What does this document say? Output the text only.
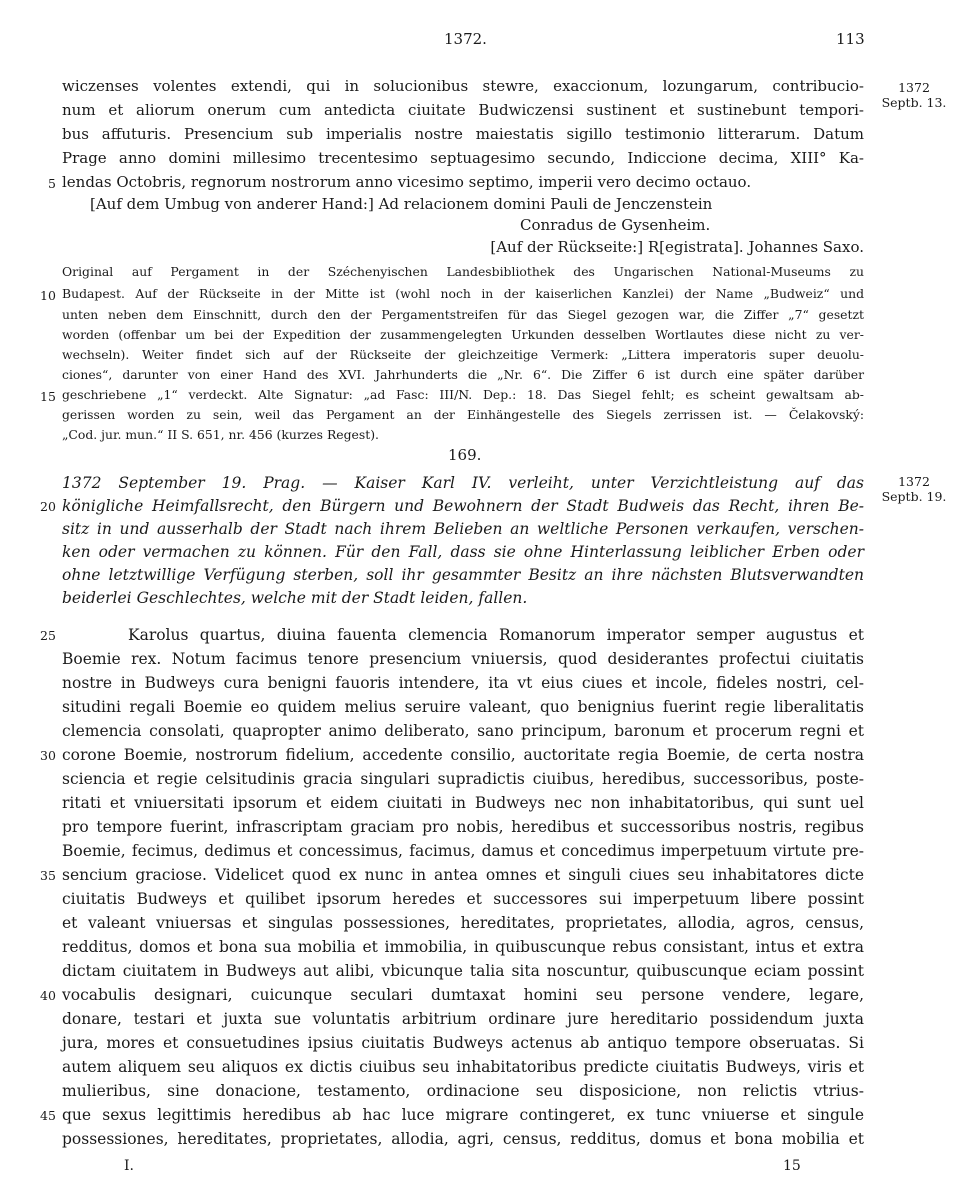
1372.	113
1372
Septb. 13.
1372
Septb. 19.
wiczenses volentes extendi, qui in solucionibus stewre, exaccionum, lozungarum, contribucio-
num et aliorum onerum cum antedicta ciuitate Budwiczensi sustinent et sustinebunt tempori-
bus affuturis. Presencium sub imperialis nostre maiestatis sigillo testimonio litterarum. Datum
Prage anno domini millesimo trecentesimo septuagesimo secundo, Indiccione decima, XIII° Ka-
lendas Octobris, regnorum nostrorum anno vicesimo septimo, imperii vero decimo octauo.
[Auf dem Umbug von anderer Hand:] Ad relacionem domini Pauli de Jenczenstein
Conradus de Gysenheim.
[Auf der Rückseite:] R[egistrata]. Johannes Saxo.
Original auf Pergament in der Széchenyischen Landesbibliothek des Ungarischen National-Museums zu
Budapest. Auf der Rückseite in der Mitte ist (wohl noch in der kaiserlichen Kanzlei) der Name „Budweiz“ und
unten neben dem Einschnitt, durch den der Pergamentstreifen für das Siegel gezogen war, die Ziffer „7“ gesetzt
worden (offenbar um bei der Expedition der zusammengelegten Urkunden desselben Wortlautes diese nicht zu ver-
wechseln). Weiter findet sich auf der Rückseite der gleichzeitige Vermerk: „Littera imperatoris super deuolu-
ciones“, darunter von einer Hand des XVI. Jahrhunderts die „Nr. 6“. Die Ziffer 6 ist durch eine später darüber
geschriebene „1“ verdeckt. Alte Signatur: „ad Fasc: III/N. Dep.: 18. Das Siegel fehlt; es scheint gewaltsam ab-
gerissen worden zu sein, weil das Pergament an der Einhängestelle des Siegels zerrissen ist. — Čelakovský:
„Cod. jur. mun.“ II S. 651, nr. 456 (kurzes Regest).
169.
1372 September 19. Prag. — Kaiser Karl IV. verleiht, unter Verzichtleistung auf das
königliche Heimfallsrecht, den Bürgern und Bewohnern der Stadt Budweis das Recht, ihren Be-
sitz in und ausserhalb der Stadt nach ihrem Belieben an weltliche Personen verkaufen, verschen-
ken oder vermachen zu können. Für den Fall, dass sie ohne Hinterlassung leiblicher Erben oder
ohne letztwillige Verfügung sterben, soll ihr gesammter Besitz an ihre nächsten Blutsverwandten
beiderlei Geschlechtes, welche mit der Stadt leiden, fallen.
Karolus quartus, diuina fauenta clemencia Romanorum imperator semper augustus et
Boemie rex. Notum facimus tenore presencium vniuersis, quod desiderantes profectui ciuitatis
nostre in Budweys cura benigni fauoris intendere, ita vt eius ciues et incole, fideles nostri, cel-
situdini regali Boemie eo quidem melius seruire valeant, quo benignius fuerint regie liberalitatis
clemencia consolati, quapropter animo deliberato, sano principum, baronum et procerum regni et
corone Boemie, nostrorum fidelium, accedente consilio, auctoritate regia Boemie, de certa nostra
sciencia et regie celsitudinis gracia singulari supradictis ciuibus, heredibus, successoribus, poste-
ritati et vniuersitati ipsorum et eidem ciuitati in Budweys nec non inhabitatoribus, qui sunt uel
pro tempore fuerint, infrascriptam graciam pro nobis, heredibus et successoribus nostris, regibus
Boemie, fecimus, dedimus et concessimus, facimus, damus et concedimus imperpetuum virtute pre-
sencium graciose. Videlicet quod ex nunc in antea omnes et singuli ciues seu inhabitatores dicte
ciuitatis Budweys et quilibet ipsorum heredes et successores sui imperpetuum libere possint
et valeant vniuersas et singulas possessiones, hereditates, proprietates, allodia, agros, census,
redditus, domos et bona sua mobilia et immobilia, in quibuscunque rebus consistant, intus et extra
dictam ciuitatem in Budweys aut alibi, vbicunque talia sita noscuntur, quibuscunque eciam possint
vocabulis designari, cuicunque seculari dumtaxat homini seu persone vendere, legare,
donare, testari et juxta sue voluntatis arbitrium ordinare jure hereditario possidendum juxta
jura, mores et consuetudines ipsius ciuitatis Budweys actenus ab antiquo tempore obseruatas. Si
autem aliquem seu aliquos ex dictis ciuibus seu inhabitatoribus predicte ciuitatis Budweys, viris et
mulieribus, sine donacione, testamento, ordinacione seu disposicione, non relictis vtrius-
que sexus legittimis heredibus ab hac luce migrare contingeret, ex tunc vniuerse et singule
possessiones, hereditates, proprietates, allodia, agri, census, redditus, domus et bona mobilia et
5
10
15
20
25
30
35
40
45
I.	15
